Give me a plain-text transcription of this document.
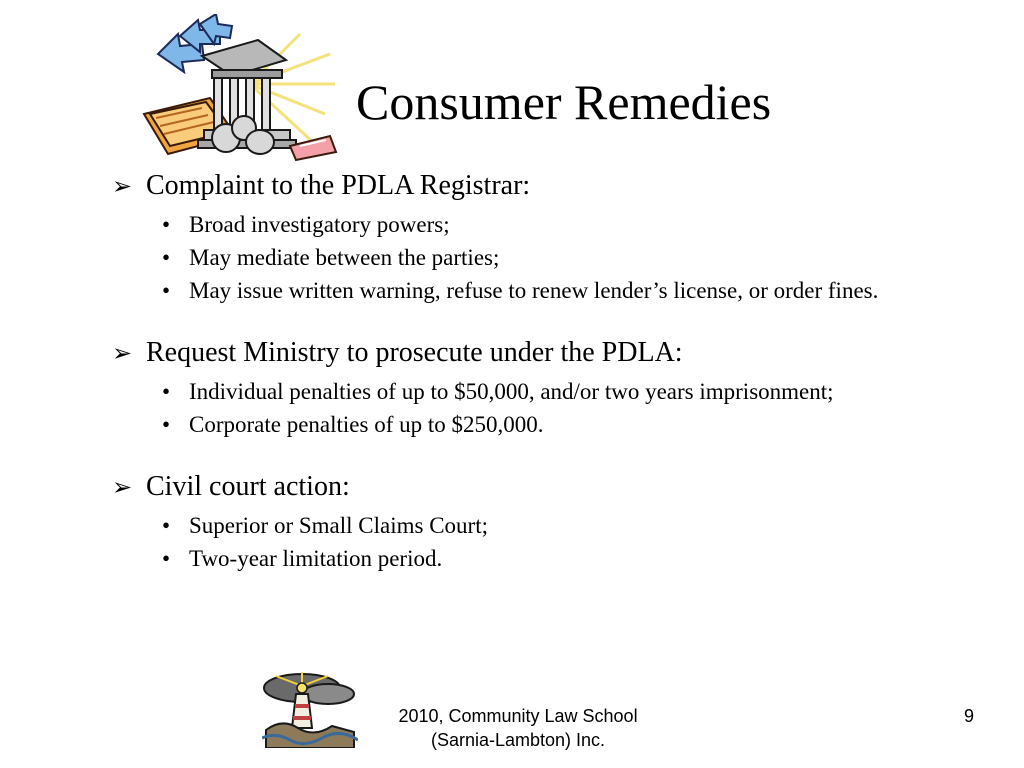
Consumer Remedies
➢ Complaint to the PDLA Registrar:
• Broad investigatory powers;
• May mediate between the parties;
• May issue written warning, refuse to renew lender’s license, or order fines.
➢ Request Ministry to prosecute under the PDLA:
• Individual penalties of up to $50,000, and/or two years imprisonment;
• Corporate penalties of up to $250,000.
➢ Civil court action:
• Superior or Small Claims Court;
• Two-year limitation period.
2010, Community Law School
(Sarnia-Lambton) Inc.
9
